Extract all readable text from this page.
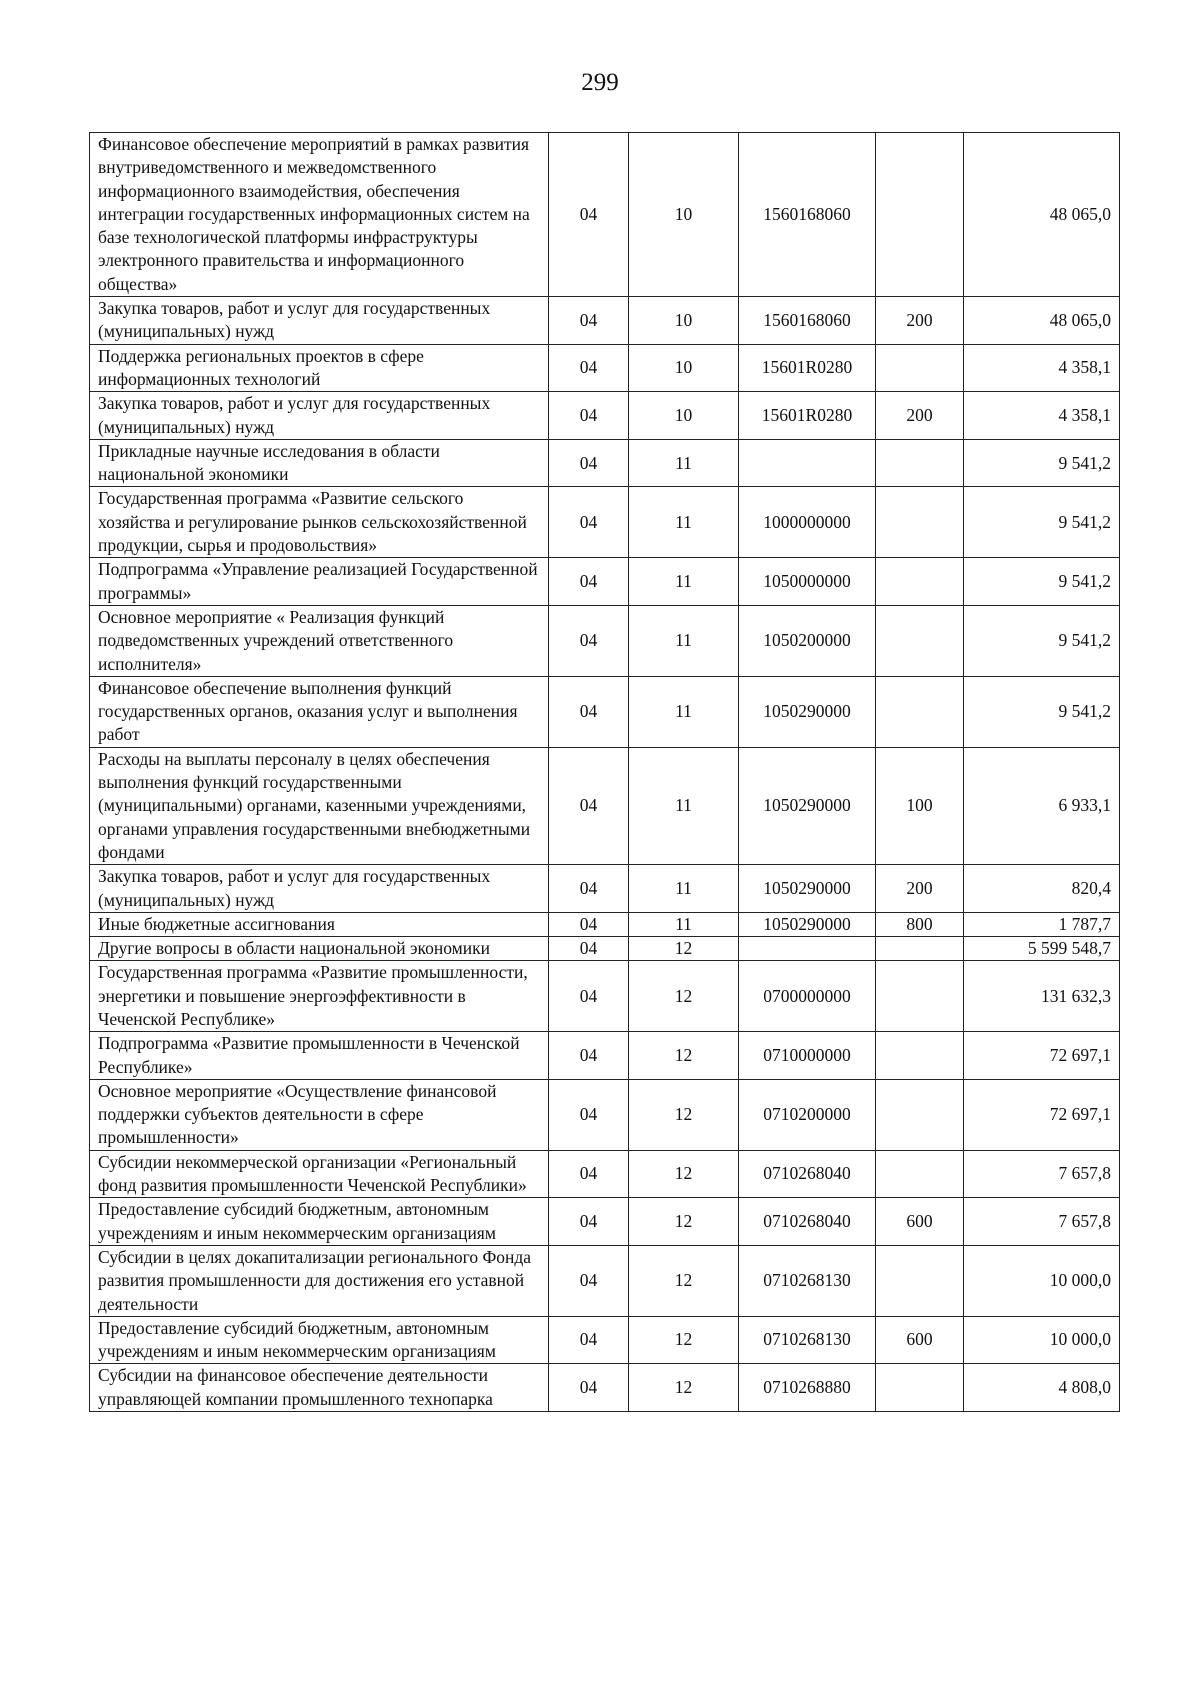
299
Финансовое обеспечение мероприятий в рамках развития внутриведомственного и межведомственного информационного взаимодействия, обеспечения интеграции государственных информационных систем на базе технологической платформы инфраструктуры электронного правительства и информационного общества»	04	10	1560168060		48 065,0
Закупка товаров, работ и услуг для государственных (муниципальных) нужд	04	10	1560168060	200	48 065,0
Поддержка региональных проектов в сфере информационных технологий	04	10	15601R0280		4 358,1
Закупка товаров, работ и услуг для государственных (муниципальных) нужд	04	10	15601R0280	200	4 358,1
Прикладные научные исследования в области национальной экономики	04	11			9 541,2
Государственная программа «Развитие сельского хозяйства и регулирование рынков сельскохозяйственной продукции, сырья и продовольствия»	04	11	1000000000		9 541,2
Подпрограмма «Управление реализацией Государственной программы»	04	11	1050000000		9 541,2
Основное мероприятие « Реализация функций подведомственных учреждений ответственного исполнителя»	04	11	1050200000		9 541,2
Финансовое обеспечение выполнения функций государственных органов, оказания услуг и выполнения работ	04	11	1050290000		9 541,2
Расходы на выплаты персоналу в целях обеспечения выполнения функций государственными (муниципальными) органами, казенными учреждениями, органами управления государственными внебюджетными фондами	04	11	1050290000	100	6 933,1
Закупка товаров, работ и услуг для государственных (муниципальных) нужд	04	11	1050290000	200	820,4
Иные бюджетные ассигнования	04	11	1050290000	800	1 787,7
Другие вопросы в области национальной экономики	04	12			5 599 548,7
Государственная программа «Развитие промышленности, энергетики и повышение энергоэффективности в Чеченской Республике»	04	12	0700000000		131 632,3
Подпрограмма «Развитие промышленности в Чеченской Республике»	04	12	0710000000		72 697,1
Основное мероприятие «Осуществление финансовой поддержки субъектов деятельности в сфере промышленности»	04	12	0710200000		72 697,1
Субсидии некоммерческой организации «Региональный фонд развития промышленности Чеченской Республики»	04	12	0710268040		7 657,8
Предоставление субсидий бюджетным, автономным учреждениям и иным некоммерческим организациям	04	12	0710268040	600	7 657,8
Субсидии в целях докапитализации регионального Фонда развития промышленности для достижения его уставной деятельности	04	12	0710268130		10 000,0
Предоставление субсидий бюджетным, автономным учреждениям и иным некоммерческим организациям	04	12	0710268130	600	10 000,0
Субсидии на финансовое обеспечение деятельности управляющей компании промышленного технопарка	04	12	0710268880		4 808,0
